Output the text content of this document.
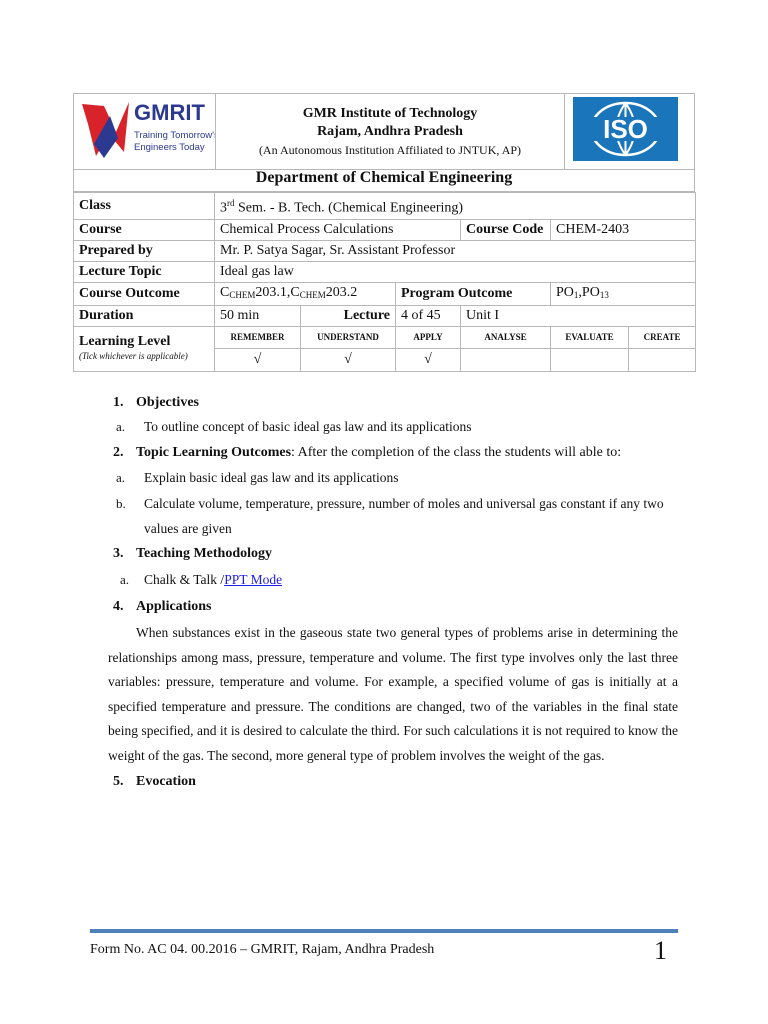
GMRIT
Training Tomorrow's
Engineers Today

GMR Institute of Technology
Rajam, Andhra Pradesh
(An Autonomous Institution Affiliated to JNTUK, AP)

ISO
Department of Chemical Engineering
Class	3rd Sem. - B. Tech. (Chemical Engineering)					
Course	Chemical Process Calculations			Course Code	CHEM-2403	
Prepared by	Mr. P. Satya Sagar, Sr. Assistant Professor					
Lecture Topic	Ideal gas law					
Course Outcome	$C_{CHEM}203.1,C_{CHEM}203.2$		Program Outcome		$PO_1,PO_{13}$
Duration	50 min	Lecture	4 of 45	Unit I		

Learning Level
(Tick whichever is applicable)	REMEMBER	UNDERSTAND	APPLY	ANALYSE	EVALUATE	CREATE
	√	√	√			
1. Objectives
a. To outline concept of basic ideal gas law and its applications
2. Topic Learning Outcomes: After the completion of the class the students will able to:
a. Explain basic ideal gas law and its applications
b. Calculate volume, temperature, pressure, number of moles and universal gas constant if any two
values are given
3. Teaching Methodology
a. Chalk & Talk /PPT Mode
4. Applications
When substances exist in the gaseous state two general types of problems arise in determining the relationships among mass, pressure, temperature and volume. The first type involves only the last three variables: pressure, temperature and volume. For example, a specified volume of gas is initially at a specified temperature and pressure. The conditions are changed, two of the variables in the final state being specified, and it is desired to calculate the third. For such calculations it is not required to know the weight of the gas. The second, more general type of problem involves the weight of the gas.
5. Evocation
Form No. AC 04. 00.2016 – GMRIT, Rajam, Andhra Pradesh	1
